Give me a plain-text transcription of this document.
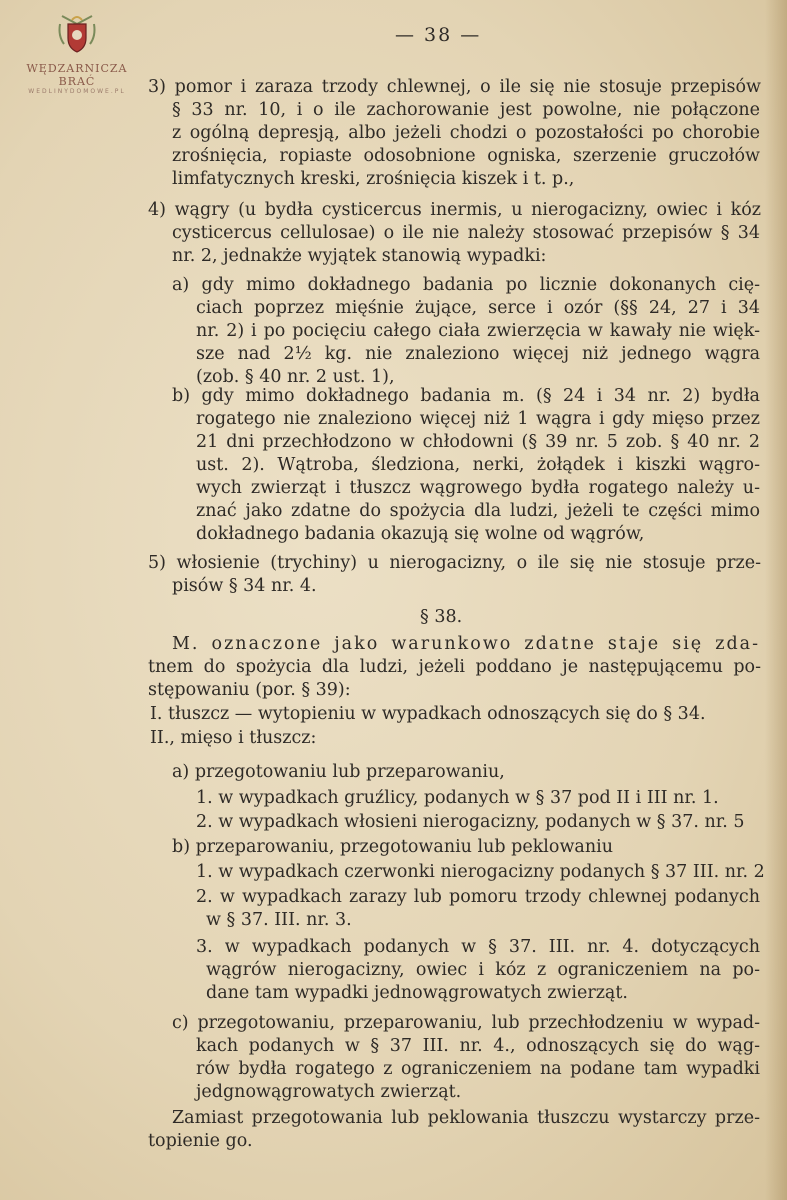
WĘDZARNICZA BRAĆ
WEDLINYDOMOWE.PL
— 38 —
3) pomor i zaraza trzody chlewnej, o ile się nie stosuje przepisów
§ 33 nr. 10, i o ile zachorowanie jest powolne, nie połączone
z ogólną depresją, albo jeżeli chodzi o pozostałości po chorobie
zrośnięcia, ropiaste odosobnione ogniska, szerzenie gruczołów
limfatycznych kreski, zrośnięcia kiszek i t. p.,
4) wągry (u bydła cysticercus inermis, u nierogacizny, owiec i kóz
cysticercus cellulosae) o ile nie należy stosować przepisów § 34
nr. 2, jednakże wyjątek stanowią wypadki:
a) gdy mimo dokładnego badania po licznie dokonanych cię-
ciach poprzez mięśnie żujące, serce i ozór (§§ 24, 27 i 34
nr. 2) i po pocięciu całego ciała zwierzęcia w kawały nie więk-
sze nad 2½ kg. nie znaleziono więcej niż jednego wągra
(zob. § 40 nr. 2 ust. 1),
b) gdy mimo dokładnego badania m. (§ 24 i 34 nr. 2) bydła
rogatego nie znaleziono więcej niż 1 wągra i gdy mięso przez
21 dni przechłodzono w chłodowni (§ 39 nr. 5 zob. § 40 nr. 2
ust. 2). Wątroba, śledziona, nerki, żołądek i kiszki wągro-
wych zwierząt i tłuszcz wągrowego bydła rogatego należy u-
znać jako zdatne do spożycia dla ludzi, jeżeli te części mimo
dokładnego badania okazują się wolne od wągrów,
5) włosienie (trychiny) u nierogacizny, o ile się nie stosuje prze-
pisów § 34 nr. 4.
§ 38.
M. oznaczone jako warunkowo zdatne staje się zda-
tnem do spożycia dla ludzi, jeżeli poddano je następującemu po-
stępowaniu (por. § 39):
I. tłuszcz — wytopieniu w wypadkach odnoszących się do § 34.
II., mięso i tłuszcz:
a) przegotowaniu lub przeparowaniu,
1. w wypadkach gruźlicy, podanych w § 37 pod II i III nr. 1.
2. w wypadkach włosieni nierogacizny, podanych w § 37. nr. 5
b) przeparowaniu, przegotowaniu lub peklowaniu
1. w wypadkach czerwonki nierogacizny podanych § 37 III. nr. 2
2. w wypadkach zarazy lub pomoru trzody chlewnej podanych
w § 37. III. nr. 3.
3. w wypadkach podanych w § 37. III. nr. 4. dotyczących
wągrów nierogacizny, owiec i kóz z ograniczeniem na po-
dane tam wypadki jednowągrowatych zwierząt.
c) przegotowaniu, przeparowaniu, lub przechłodzeniu w wypad-
kach podanych w § 37 III. nr. 4., odnoszących się do wąg-
rów bydła rogatego z ograniczeniem na podane tam wypadki
jedgnowągrowatych zwierząt.
Zamiast przegotowania lub peklowania tłuszczu wystarczy prze-
topienie go.
